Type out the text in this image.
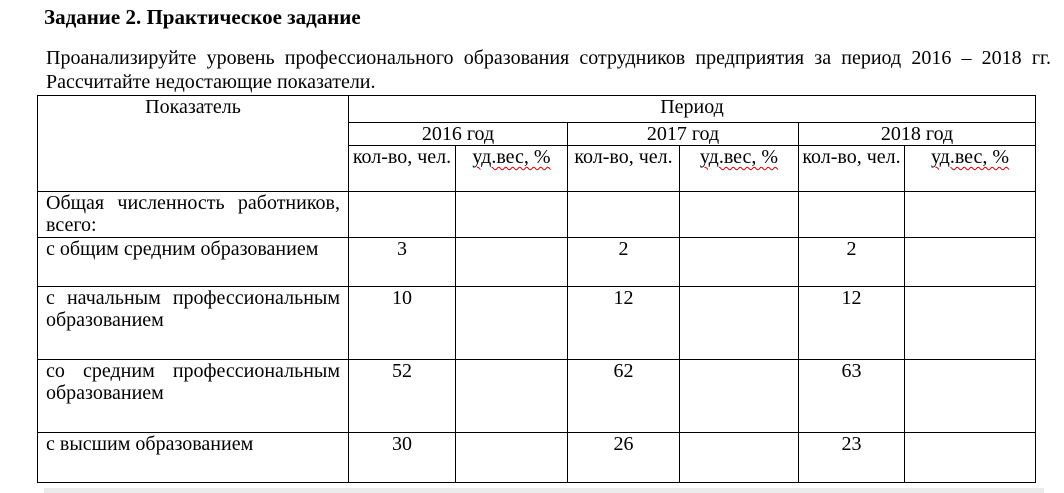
Задание 2. Практическое задание
Проанализируйте уровень профессионального образования сотрудников предприятия за период 2016 – 2018 гг. Рассчитайте недостающие показатели.
Показатель	Период					
	2016 год		2017 год		2018 год	
	кол-во, чел.	уд.вес, %	кол-во, чел.	уд.вес, %	кол-во, чел.	уд.вес, %
Общая численность работников, всего:						
с общим средним образованием	3		2		2	
с начальным профессиональным образованием	10		12		12	
со средним профессиональным образованием	52		62		63	
с высшим образованием	30		26		23	
